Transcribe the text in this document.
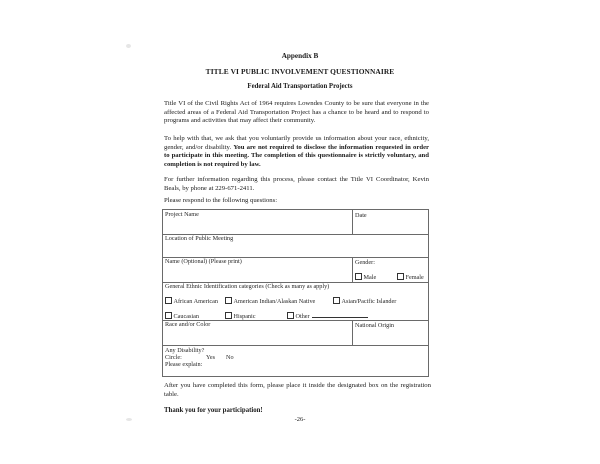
Appendix B
TITLE VI PUBLIC INVOLVEMENT QUESTIONNAIRE
Federal Aid Transportation Projects
Title VI of the Civil Rights Act of 1964 requires Lowndes County to be sure that everyone in the affected areas of a Federal Aid Transportation Project has a chance to be heard and to respond to programs and activities that may affect their community.
To help with that, we ask that you voluntarily provide us information about your race, ethnicity, gender, and/or disability. You are not required to disclose the information requested in order to participate in this meeting. The completion of this questionnaire is strictly voluntary, and completion is not required by law.
For further information regarding this process, please contact the Title VI Coordinator, Kevin Beals, by phone at 229-671-2411.
Please respond to the following questions:
Project Name	Date
Location of Public Meeting
Name (Optional) (Please print)	Gender:
Male	Female
General Ethnic Identification categories (Check as many as apply)
African American	American Indian/Alaskan Native	Asian/Pacific Islander
Caucasian	Hispanic	Other
Race and/or Color	National Origin
Any Disability?
Circle:	Yes No
Please explain:
After you have completed this form, please place it inside the designated box on the registration table.
Thank you for your participation!
-26-
